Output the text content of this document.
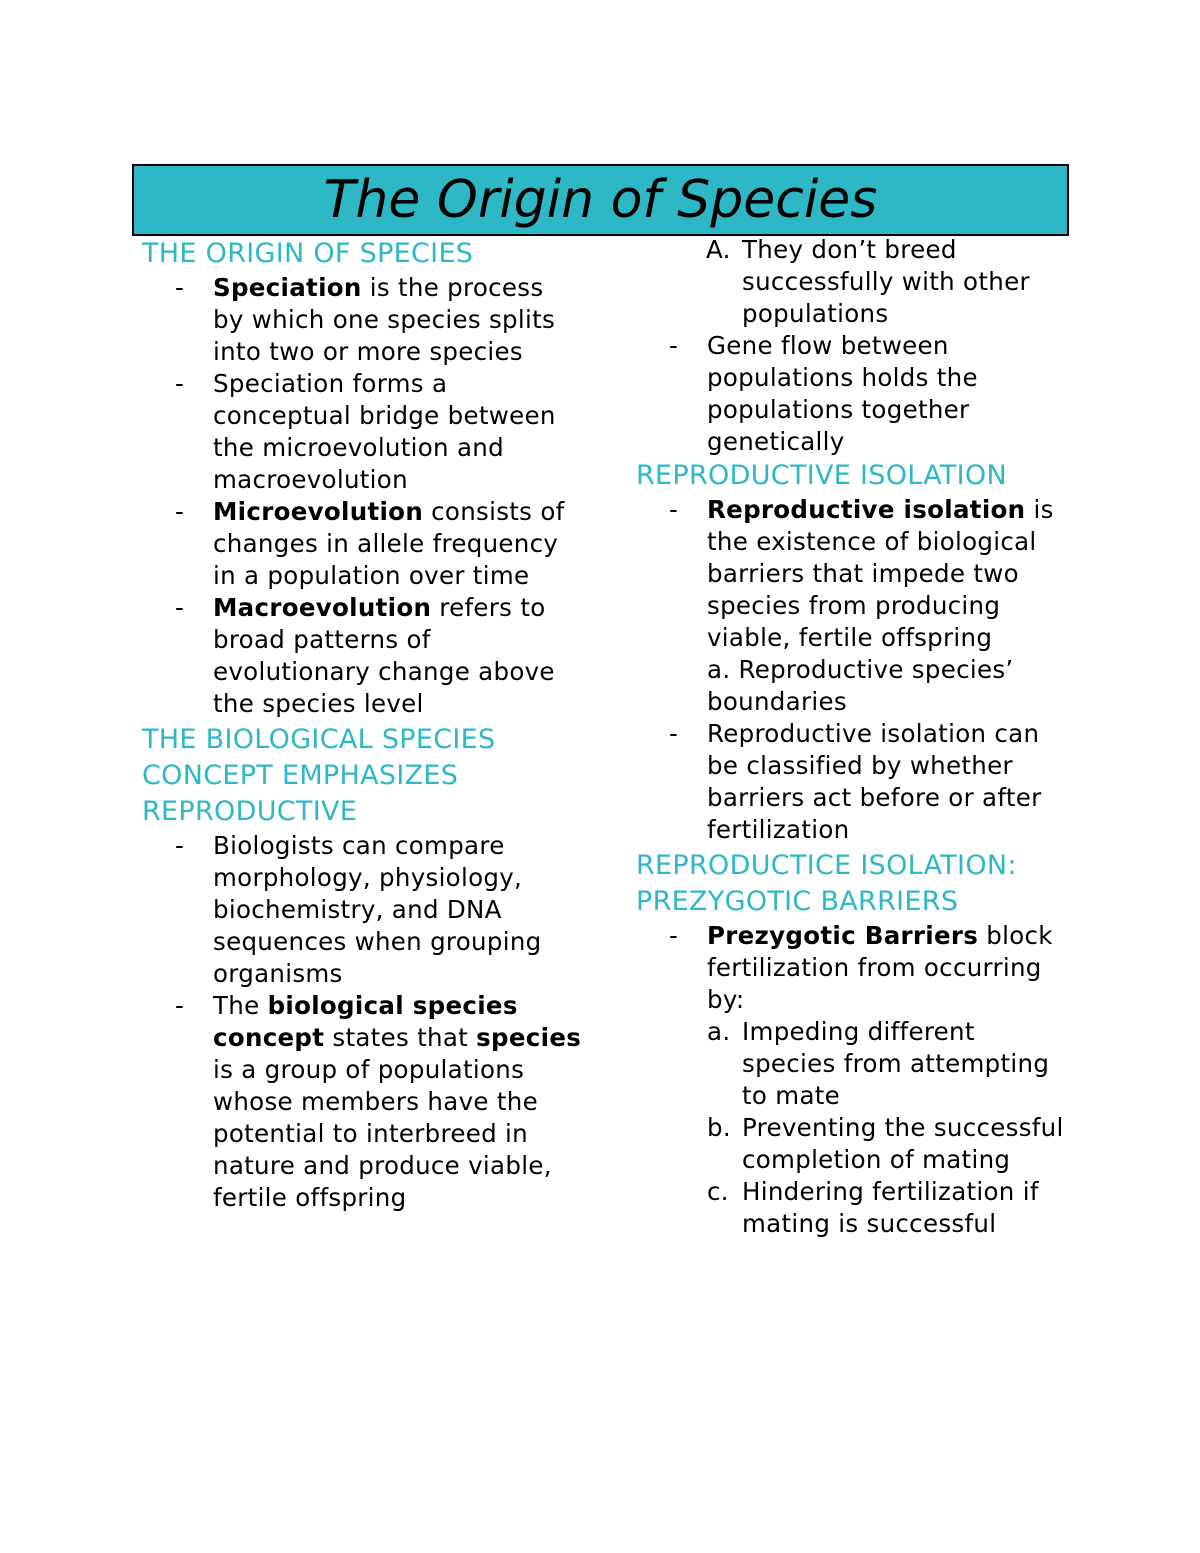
The Origin of Species
THE ORIGIN OF SPECIES
- Speciation is the process by which one species splits into two or more species
- Speciation forms a conceptual bridge between the microevolution and macroevolution
- Microevolution consists of changes in allele frequency in a population over time
- Macroevolution refers to broad patterns of evolutionary change above the species level
THE BIOLOGICAL SPECIES CONCEPT EMPHASIZES REPRODUCTIVE
- Biologists can compare morphology, physiology, biochemistry, and DNA sequences when grouping organisms
- The biological species concept states that species is a group of populations whose members have the potential to interbreed in nature and produce viable, fertile offspring
A. They don’t breed successfully with other populations
- Gene flow between populations holds the populations together genetically
REPRODUCTIVE ISOLATION
- Reproductive isolation is the existence of biological barriers that impede two species from producing viable, fertile offspring
a. Reproductive species’ boundaries
- Reproductive isolation can be classified by whether barriers act before or after fertilization
REPRODUCTICE ISOLATION: PREZYGOTIC BARRIERS
- Prezygotic Barriers block fertilization from occurring by:
a. Impeding different species from attempting to mate
b. Preventing the successful completion of mating
c. Hindering fertilization if mating is successful
